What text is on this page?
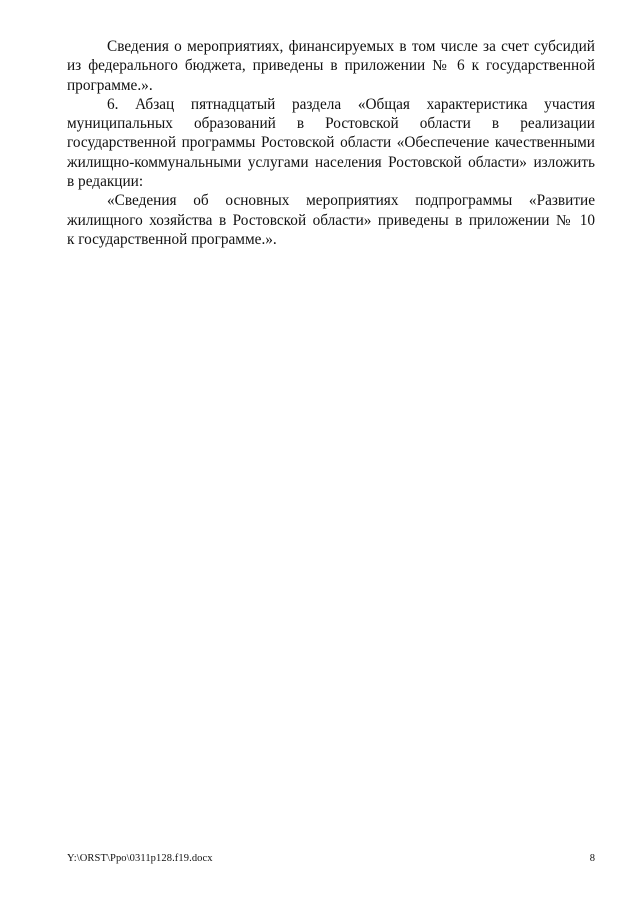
Сведения о мероприятиях, финансируемых в том числе за счет субсидий
из федерального бюджета, приведены в приложении № 6 к государственной
программе.».
6. Абзац пятнадцатый раздела «Общая характеристика участия
муниципальных образований в Ростовской области в реализации
государственной программы Ростовской области «Обеспечение качественными
жилищно-коммунальными услугами населения Ростовской области» изложить
в редакции:
«Сведения об основных мероприятиях подпрограммы «Развитие
жилищного хозяйства в Ростовской области» приведены в приложении № 10
к государственной программе.».
Y:\ORST\Ppo\0311p128.f19.docx	8
